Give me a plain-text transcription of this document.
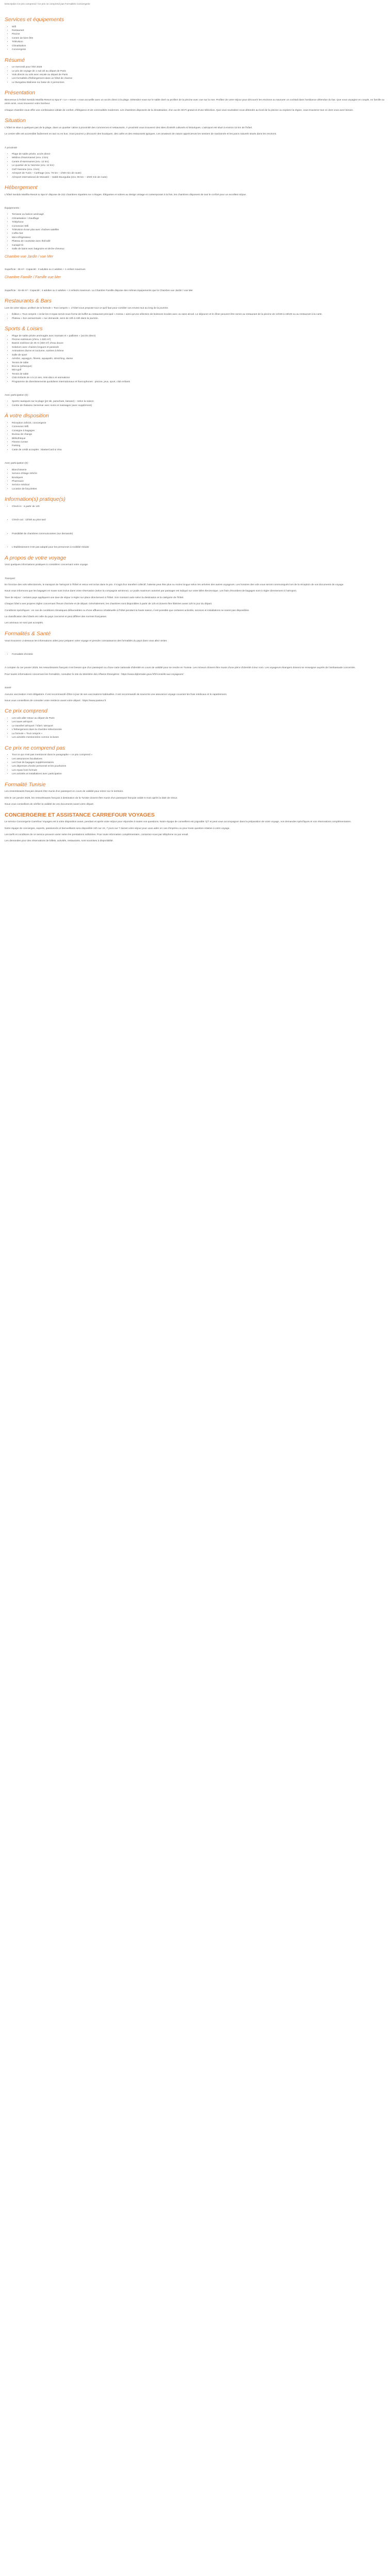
Description Ce prix comprend / Ce prix ne comprend pas Formalités Conciergerie
Services et équipements
• Wifi
• Restaurant
• Piscine
• Centre de bien-être
• Télévision
• Climatisation
• Conciergerie
Résumé
• Le mercredi pour l'été 2025
• Le prix de voyage de 1 nuit dé au départ de Paris
• Vols directs ou vols avec escale au départ de Paris
• Les formalités d'hébergement dans un hôtel de charme
• Le Bungalow Balinese sur base de 2 personnes
Présentation

Bienvenue à l'Hôtel Sentido Marillia Resort & Spa 5* ! Le « resort » nous accueille avec un accès direct à la plage. Détendez-vous sur le sable doré ou profitez de la piscine avec vue sur la mer. Profitez de votre séjour pour découvrir les environs ou savourer un cocktail dans l'ambiance détendue du bar. Que vous voyagiez en couple, en famille ou entre amis, vous trouverez votre bonheur.

Chaque chambre vous offre une combinaison idéale de confort, d'élégance et de commodités modernes. Les chambres disposent de la climatisation, d'un accès Wi-Fi gratuit et d'une télévision. Que vous souhaitiez vous détendre au bord de la piscine ou explorer la région, vous trouverez tout ce dont vous avez besoin.

Situation

L'hôtel se situe à quelques pas de la plage, dans un quartier calme à proximité des commerces et restaurants. À proximité vous trouverez des sites d'intérêt culturels et historiques. L'aéroport est situé à environ 15 km de l'hôtel.

Le centre-ville est accessible facilement en taxi ou en bus. Vous pourrez y découvrir des boutiques, des cafés et des restaurants typiques. Les amateurs de nature apprécieront les sentiers de randonnée et les parcs naturels situés dans les environs.

À proximité

• Plage de sable privée, accès direct
• Médina d'Hammamet (env. 2 km)
• Centre d'Hammamet (env. 12 km)
• Le quartier de la Yasmine (env. 12 km)
• Golf Yasmine (env. 3 km)
• Aéroport de Tunis – Carthage (env. 76 km – 1h00 min de route)
• Aéroport international de Monastir – Habib Bourguiba (env. 96 km – 1h00 min de route)
Hébergement

L'hôtel Sentido Marillia Resort & Spa 5* dispose de 222 chambres réparties sur 4 étages. Élégantes et sobres au design vintage et contemporain à la fois, les chambres disposent de tout le confort pour un excellent séjour.

Équipements :

• Terrasse ou balcon aménagé
• Climatisation / chauffage
• Téléphone
• Connexion Wifi
• Télévision écran plat avec chaînes satellite
• Coffre-fort
• Mini-réfrigérateur
• Plateau de courtoisie avec thé/café
• Canapé-lit
• Salle de bains avec baignoire et sèche-cheveux
Chambre vue Jardin / vue Mer

Superficie : 26 m² - Capacité : 3 adultes ou 2 adultes + 1 enfant maximum

Chambre Famille / Famille vue Mer

Superficie : 43-45 m² - Capacité : 4 adultes ou 2 adultes + 2 enfants maximum. La Chambre Famille dispose des mêmes équipements que la Chambre vue Jardin / vue Mer

Restaurants & Bars

Lors de votre séjour, profitez de la formule « Tout compris ». L'hôtel vous propose tout ce qu'il faut pour combler vos envies tout au long de la journée.

• Édition « Tout compris » inclut les 3 repas servis sous forme de buffet au restaurant principal « Anissa » ainsi qu'une sélection de boissons locales avec ou sans alcool. Le déjeuner et le dîner peuvent être servis au restaurant de la piscine de 12h30 à 15h30 ou au restaurant à la carte.
• Plateau « bon anniversaire » sur demande, servi de 10h à 18h dans la journée.
Sports & Loisirs
• Plage de sable privée aménagée avec transats et « paillotes » (accès direct)
• Piscine extérieure (d'env. 1 500 m²)
• Bassin extérieur de 25 m (450 m²) d'eau douce
• Solarium avec chaises longues et parasols
• Animations diurne et nocturne, soirées à thème
• Salle de sport
• Aérobic, aquagym, fitness, aquapalm, stretching, danse
• Tennis de table
• Boccia (pétanque)
• Mini-golf
• Tennis de table
• Club Enfants de 4 à 12 ans, mini-disco et animations
• Programme de divertissements quotidiens internationaux et francophones : piscine, jeux, sport, club enfants

Avec participation (€) :

• Sports nautiques sur la plage (jet ski, parachute, banane) – selon la saison
• Centre de thalasso Sensimar avec soins et massages (avec supplément)
À votre disposition
• Réception 24h/24, conciergerie
• Connexion Wifi
• Consigne à bagages
• Bureau de change
• Bibliothèque
• Fitness Center
• Parking
• Carte de crédit acceptée : MasterCard & Visa

Avec participation (€) :

• Blanchisserie
• Service d'étage 24h/24
• Boutiques
• Pharmacie
• Service médical
• Location de bicyclettes
Information(s) pratique(s)
• Check-in : à partir de 14h
• Check-out : 12h00 au plus tard
• Possibilité de chambres communicantes (sur demande)
• L'établissement n'est pas adapté pour les personnes à mobilité réduite
A propos de votre voyage

Voici quelques informations pratiques à considérer concernant votre voyage.

Transport

En fonction des vols sélectionnés, le transport de l'aéroport à l'hôtel et retour est inclus dans le prix. Il s'agit d'un transfert collectif, l'attente peut être plus ou moins longue selon les arrivées des autres voyageurs. Les horaires des vols vous seront communiqués lors de la réception de vos documents de voyage.

Nous vous informons que les bagages en soute sont inclus dans votre réservation (selon la compagnie aérienne). Le poids maximum autorisé par passager est indiqué sur votre billet électronique. Les frais d'excédent de bagages sont à régler directement à l'aéroport.

Taxe de séjour : certains pays appliquent une taxe de séjour à régler sur place directement à l'hôtel. Son montant varie selon la destination et la catégorie de l'hôtel.

Chaque hôtel a ses propres règles concernant l'heure d'arrivée et de départ. Généralement, les chambres sont disponibles à partir de 14h et doivent être libérées avant 12h le jour du départ.

Conditions spécifiques : en cas de conditions climatiques défavorables ou d'une affluence inhabituelle à l'hôtel pendant la haute saison, il est possible que certaines activités, services et installations ne soient pas disponibles.

La classification des hôtels est celle du pays concerné et peut différer des normes françaises.

Les animaux ne sont pas acceptés.

Formalités & Santé

Vous trouverez ci-dessous les informations utiles pour préparer votre voyage et prendre connaissance des formalités du pays dans vous allez visiter.

• Formalités d'entrée

À compter du 1er janvier 2025, les ressortissants français n'ont besoin que d'un passeport ou d'une carte nationale d'identité en cours de validité pour se rendre en Tunisie. Les mineurs doivent être munis d'une pièce d'identité à leur nom. Les voyageurs étrangers doivent se renseigner auprès de l'ambassade concernée.

Pour toutes informations concernant les formalités, consultez le site du Ministère des Affaires Étrangères : https://www.diplomatie.gouv.fr/fr/conseils-aux-voyageurs/

Santé

Aucune vaccination n'est obligatoire. Il est recommandé d'être à jour de ses vaccinations habituelles. Il est recommandé de souscrire une assurance voyage couvrant les frais médicaux et le rapatriement.

Nous vous conseillons de consulter votre médecin avant votre départ : https://www.pasteur.fr

Ce prix comprend
• Les vols aller-retour au départ de Paris
• Les taxes aéroport
• Le transfert aéroport / hôtel / aéroport
• L'hébergement dans la chambre sélectionnée
• La formule « Tout compris »
• Les activités mentionnées comme incluses
Ce prix ne comprend pas
• Tout ce qui n'est pas mentionné dans le paragraphe « ce prix comprend »
• Les assurances facultatives
• Les frais de bagages supplémentaires
• Les dépenses d'ordre personnel et les pourboires
• Les repas hors formule
• Les activités et installations avec participation
Formalité Tunisie

Les ressortissants français doivent être munis d'un passeport en cours de validité pour entrer sur le territoire.

Dès le 1er janvier 2025, les ressortissants français à destination de la Tunisie doivent être munis d'un passeport français valide 6 mois après la date de retour.

Nous vous conseillons de vérifier la validité de vos documents avant votre départ.

CONCIERGERIE ET ASSISTANCE CARREFOUR VOYAGES

Le service Conciergerie Carrefour Voyages est à votre disposition avant, pendant et après votre séjour pour répondre à toutes vos questions. Notre équipe de conseillers est joignable 7j/7 et peut vous accompagner dans la préparation de votre voyage, vos demandes spécifiques et vos réservations complémentaires.

Notre équipe de concierges, experts, passionnés et bienveillants sera disponible 24h sur 24, 7 jours sur 7 durant votre séjour pour vous aider en cas d'imprévu ou pour toute question relative à votre voyage.

Les tarifs et conditions de ce service peuvent varier selon les prestations sollicitées. Pour toute information complémentaire, contactez-nous par téléphone ou par email.

Les demandes pour des réservations de billets, activités, restaurants, sont soumises à disponibilité.
